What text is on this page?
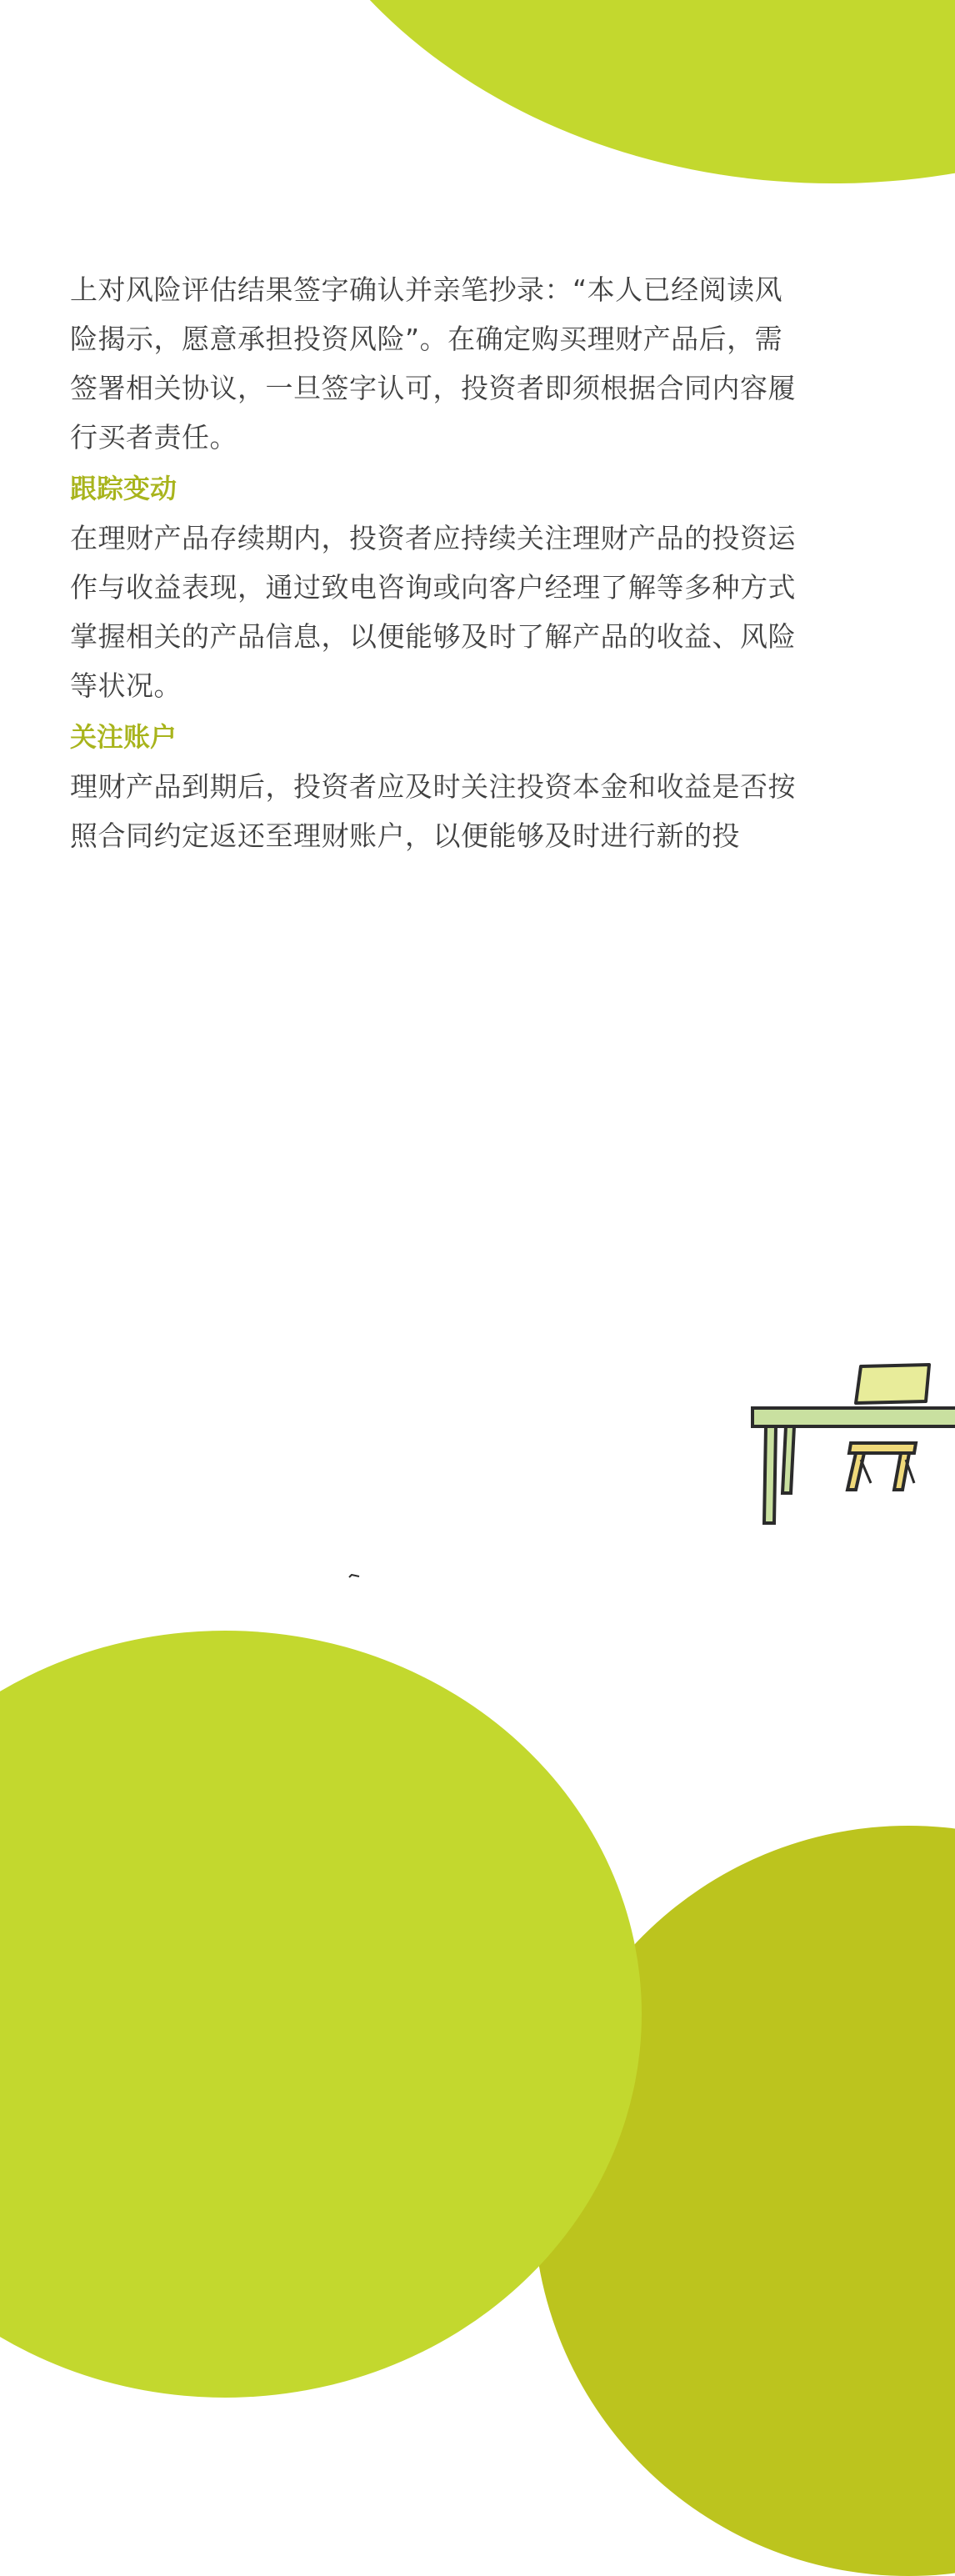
上对风险评估结果签字确认并亲笔抄录：“本人已经阅读风
险揭示，愿意承担投资风险”。在确定购买理财产品后，需
签署相关协议，一旦签字认可，投资者即须根据合同内容履
行买者责任。

跟踪变动

在理财产品存续期内，投资者应持续关注理财产品的投资运
作与收益表现，通过致电咨询或向客户经理了解等多种方式
掌握相关的产品信息，以便能够及时了解产品的收益、风险
等状况。

关注账户

理财产品到期后，投资者应及时关注投资本金和收益是否按
照合同约定返还至理财账户，以便能够及时进行新的投
